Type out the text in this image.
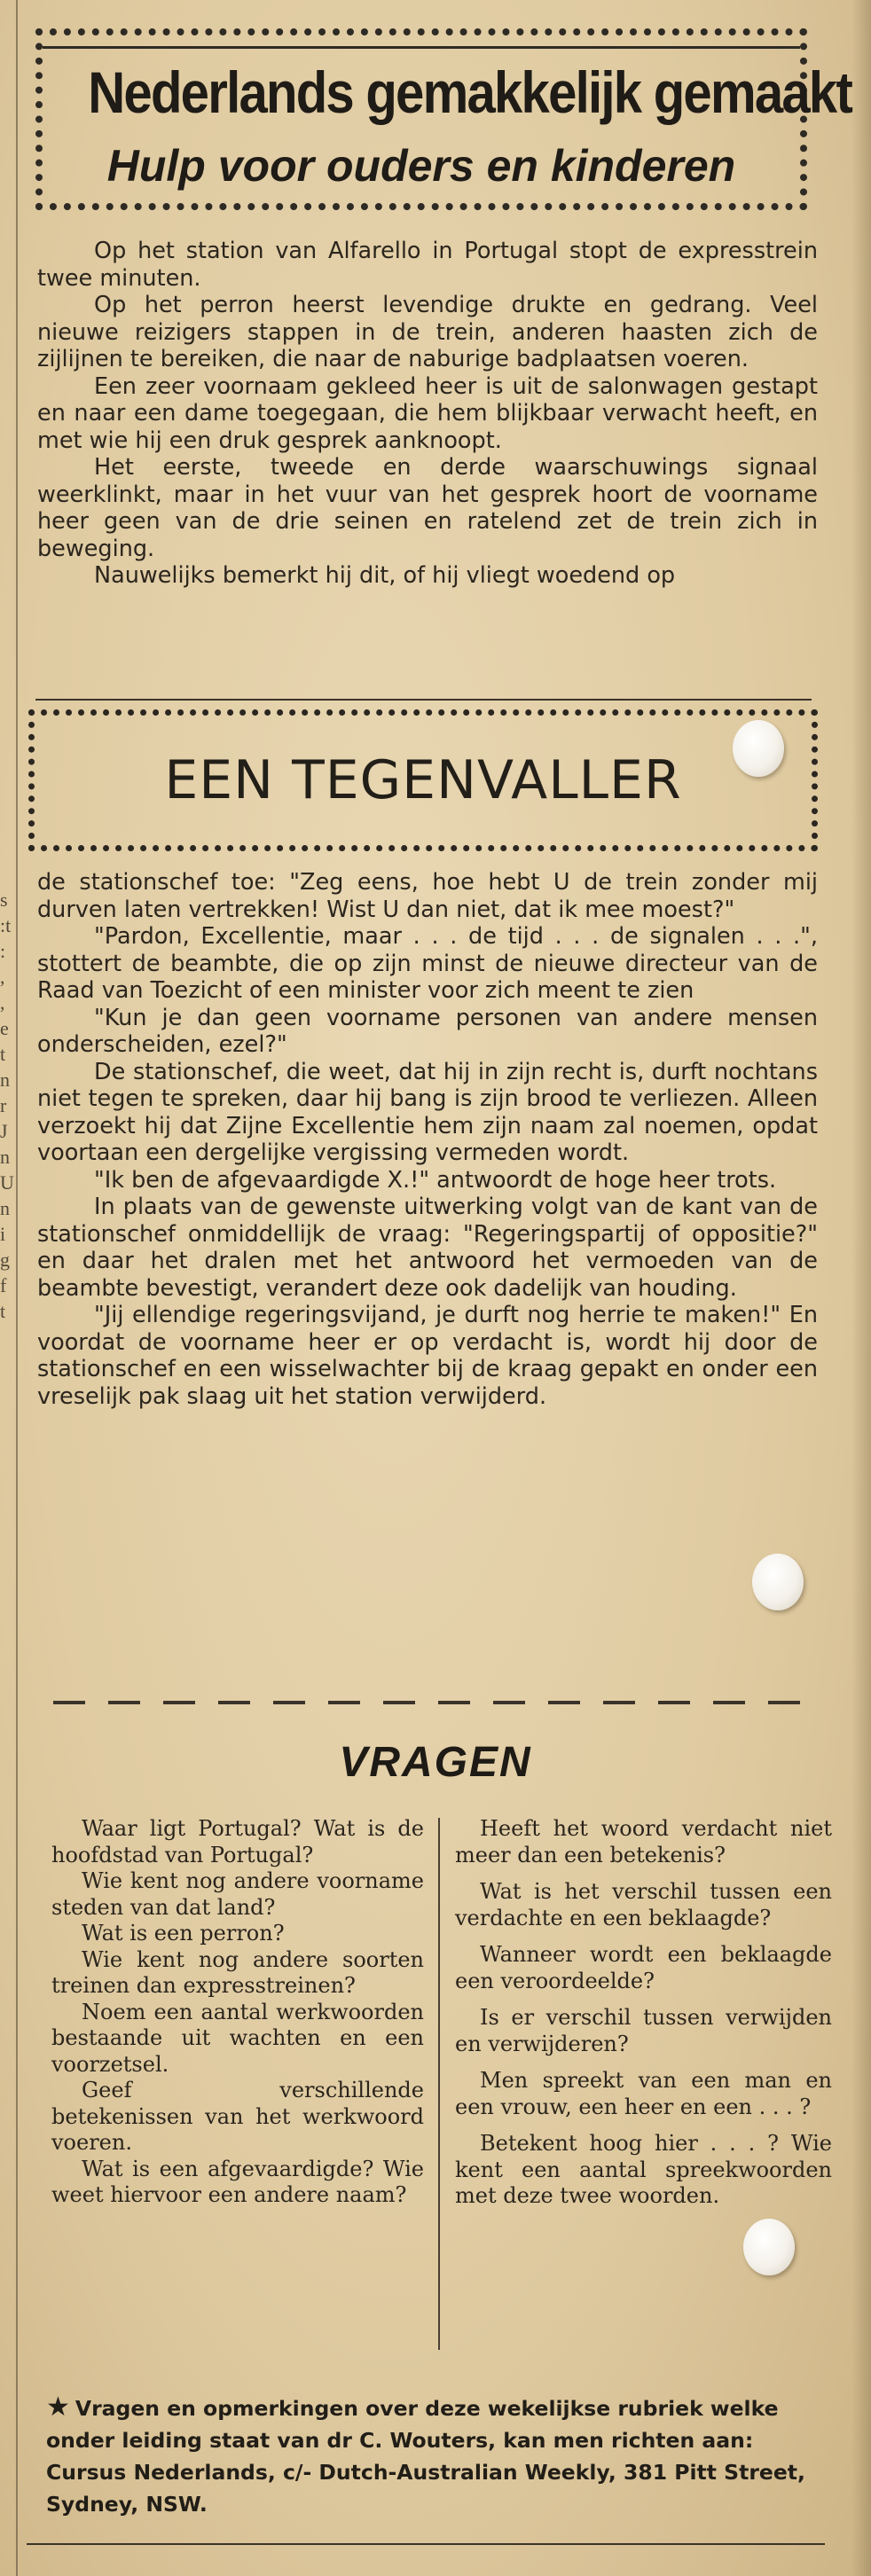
s
:t
:
,
,
e
t
n
r
J
n
U
n
i
g
f
t
Nederlands gemakkelijk gemaakt
Hulp voor ouders en kinderen

Op het station van Alfarello in Portugal stopt de expresstrein twee minuten.

Op het perron heerst levendige drukte en gedrang. Veel nieuwe reizigers stappen in de trein, anderen haasten zich de zijlijnen te bereiken, die naar de naburige badplaatsen voeren.

Een zeer voornaam gekleed heer is uit de salonwagen gestapt en naar een dame toegegaan, die hem blijkbaar verwacht heeft, en met wie hij een druk gesprek aanknoopt.

Het eerste, tweede en derde waarschuwings signaal weerklinkt, maar in het vuur van het gesprek hoort de voorname heer geen van de drie seinen en ratelend zet de trein zich in beweging.

Nauwelijks bemerkt hij dit, of hij vliegt woedend op

EEN TEGENVALLER

de stationschef toe: "Zeg eens, hoe hebt U de trein zonder mij durven laten vertrekken! Wist U dan niet, dat ik mee moest?"

"Pardon, Excellentie, maar . . . de tijd . . . de signalen . . .", stottert de beambte, die op zijn minst de nieuwe directeur van de Raad van Toezicht of een minister voor zich meent te zien

"Kun je dan geen voorname personen van andere mensen onderscheiden, ezel?"

De stationschef, die weet, dat hij in zijn recht is, durft nochtans niet tegen te spreken, daar hij bang is zijn brood te verliezen. Alleen verzoekt hij dat Zijne Excellentie hem zijn naam zal noemen, opdat voortaan een dergelijke vergissing vermeden wordt.

"Ik ben de afgevaardigde X.!" antwoordt de hoge heer trots.

In plaats van de gewenste uitwerking volgt van de kant van de stationschef onmiddellijk de vraag: "Regeringspartij of oppositie?" en daar het dralen met het antwoord het vermoeden van de beambte bevestigt, verandert deze ook dadelijk van houding.

"Jij ellendige regeringsvijand, je durft nog herrie te maken!" En voordat de voorname heer er op verdacht is, wordt hij door de stationschef en een wisselwachter bij de kraag gepakt en onder een vreselijk pak slaag uit het station verwijderd.

VRAGEN

Waar ligt Portugal? Wat is de hoofdstad van Portugal?

Wie kent nog andere voorname steden van dat land?

Wat is een perron?

Wie kent nog andere soorten treinen dan expresstreinen?

Noem een aantal werkwoorden bestaande uit wachten en een voorzetsel.

Geef verschillende betekenissen van het werkwoord voeren.

Wat is een afgevaardigde? Wie weet hiervoor een andere naam?

Heeft het woord verdacht niet meer dan een betekenis?

Wat is het verschil tussen een verdachte en een beklaagde?

Wanneer wordt een beklaagde een veroordeelde?

Is er verschil tussen verwijden en verwijderen?

Men spreekt van een man en een vrouw, een heer en een . . . ?

Betekent hoog hier . . . ? Wie kent een aantal spreekwoorden met deze twee woorden.

★ Vragen en opmerkingen over deze wekelijkse rubriek welke onder leiding staat van dr C. Wouters, kan men richten aan: Cursus Nederlands, c/- Dutch-Australian Weekly, 381 Pitt Street, Sydney, NSW.
